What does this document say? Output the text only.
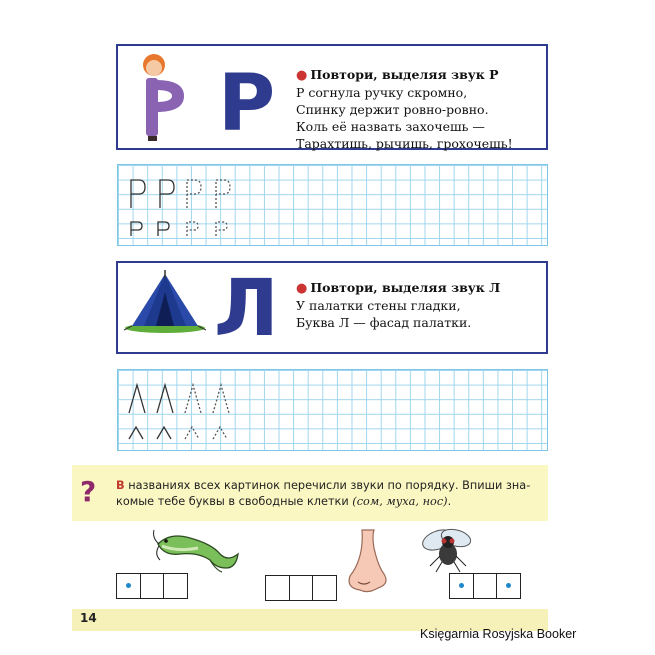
Р ● Повтори, выделяя звук Р
Р согнула ручку скромно,
Спинку держит ровно-ровно.
Коль её назвать захочешь —
Тарахтишь, рычишь, грохочешь!
Л ● Повтори, выделяя звук Л
У палатки стены гладки,
Буква Л — фасад палатки.
? В названиях всех картинок перечисли звуки по порядку. Впиши зна-комые тебе буквы в свободные клетки (сом, муха, нос).
14
Księgarnia Rosyjska Booker
